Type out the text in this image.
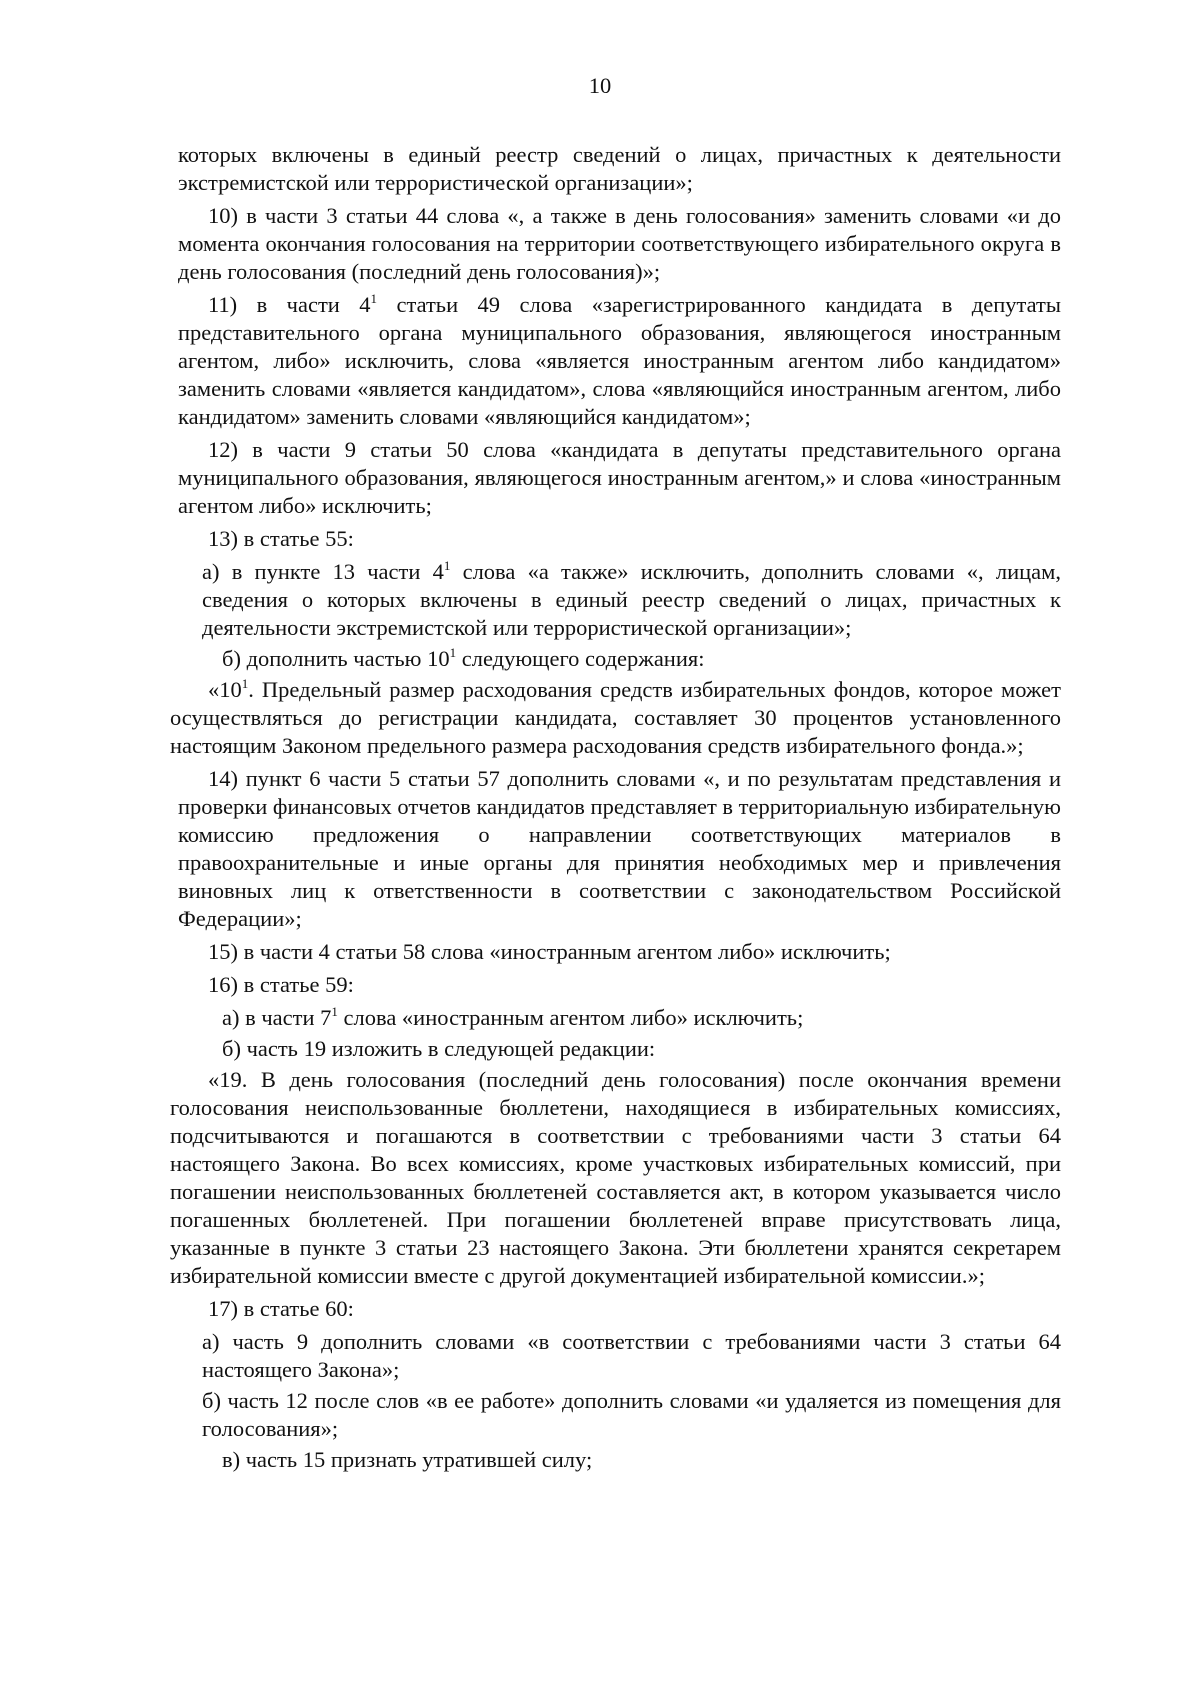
10

которых включены в единый реестр сведений о лицах, причастных к деятельности экстремистской или террористической организации»;

10) в части 3 статьи 44 слова «, а также в день голосования» заменить словами «и до момента окончания голосования на территории соответствующего избирательного округа в день голосования (последний день голосования)»;

11) в части $4^1$ статьи 49 слова «зарегистрированного кандидата в депутаты представительного органа муниципального образования, являющегося иностранным агентом, либо» исключить, слова «является иностранным агентом либо кандидатом» заменить словами «является кандидатом», слова «являющийся иностранным агентом, либо кандидатом» заменить словами «являющийся кандидатом»;

12) в части 9 статьи 50 слова «кандидата в депутаты представительного органа муниципального образования, являющегося иностранным агентом,» и слова «иностранным агентом либо» исключить;

13) в статье 55:

а) в пункте 13 части $4^1$ слова «а также» исключить, дополнить словами «, лицам, сведения о которых включены в единый реестр сведений о лицах, причастных к деятельности экстремистской или террористической организации»;

б) дополнить частью $10^1$ следующего содержания:

«$10^1$. Предельный размер расходования средств избирательных фондов, которое может осуществляться до регистрации кандидата, составляет 30 процентов установленного настоящим Законом предельного размера расходования средств избирательного фонда.»;

14) пункт 6 части 5 статьи 57 дополнить словами «, и по результатам представления и проверки финансовых отчетов кандидатов представляет в территориальную избирательную комиссию предложения о направлении соответствующих материалов в правоохранительные и иные органы для принятия необходимых мер и привлечения виновных лиц к ответственности в соответствии с законодательством Российской Федерации»;

15) в части 4 статьи 58 слова «иностранным агентом либо» исключить;

16) в статье 59:

а) в части $7^1$ слова «иностранным агентом либо» исключить;

б) часть 19 изложить в следующей редакции:

«19. В день голосования (последний день голосования) после окончания времени голосования неиспользованные бюллетени, находящиеся в избирательных комиссиях, подсчитываются и погашаются в соответствии с требованиями части 3 статьи 64 настоящего Закона. Во всех комиссиях, кроме участковых избирательных комиссий, при погашении неиспользованных бюллетеней составляется акт, в котором указывается число погашенных бюллетеней. При погашении бюллетеней вправе присутствовать лица, указанные в пункте 3 статьи 23 настоящего Закона. Эти бюллетени хранятся секретарем избирательной комиссии вместе с другой документацией избирательной комиссии.»;

17) в статье 60:

а) часть 9 дополнить словами «в соответствии с требованиями части 3 статьи 64 настоящего Закона»;

б) часть 12 после слов «в ее работе» дополнить словами «и удаляется из помещения для голосования»;

в) часть 15 признать утратившей силу;
